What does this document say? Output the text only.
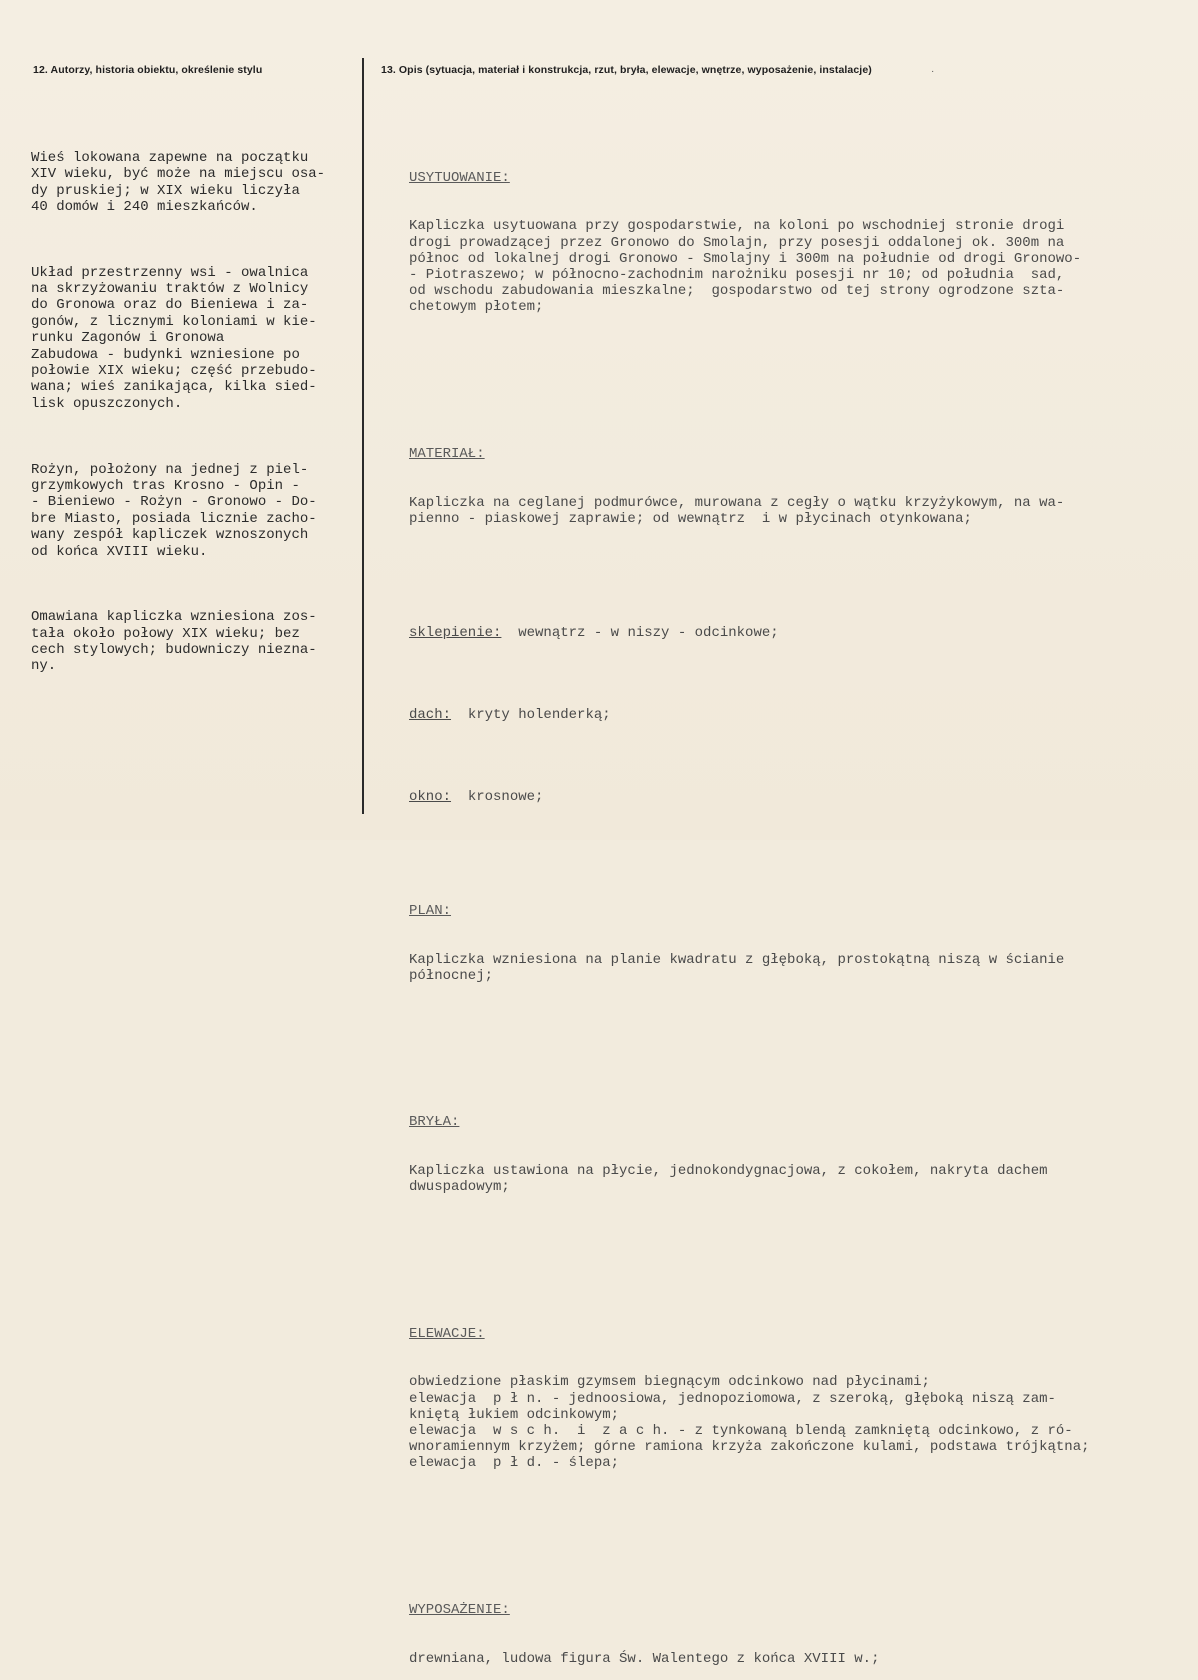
12. Autorzy, historia obiektu, określenie stylu	13. Opis (sytuacja, materiał i konstrukcja, rzut, bryła, elewacje, wnętrze, wyposażenie, instalacje)

Wieś lokowana zapewne na początku
XIV wieku, być może na miejscu osa-
dy pruskiej; w XIX wieku liczyła
40 domów i 240 mieszkańców.

Układ przestrzenny wsi - owalnica
na skrzyżowaniu traktów z Wolnicy
do Gronowa oraz do Bieniewa i za-
gonów, z licznymi koloniami w kie-
runku Zagonów i Gronowa
Zabudowa - budynki wzniesione po
połowie XIX wieku; część przebudo-
wana; wieś zanikająca, kilka sied-
lisk opuszczonych.

Rożyn, położony na jednej z piel-
grzymkowych tras Krosno - Opin -
- Bieniewo - Rożyn - Gronowo - Do-
bre Miasto, posiada licznie zacho-
wany zespół kapliczek wznoszonych
od końca XVIII wieku.

Omawiana kapliczka wzniesiona zos-
tała około połowy XIX wieku; bez
cech stylowych; budowniczy niezna-
ny.

USYTUOWANIE:

Kapliczka usytuowana przy gospodarstwie, na koloni po wschodniej stronie drogi
drogi prowadzącej przez Gronowo do Smolajn, przy posesji oddalonej ok. 300m na
północ od lokalnej drogi Gronowo - Smolajny i 300m na południe od drogi Gronowo-
- Piotraszewo; w północno-zachodnim narożniku posesji nr 10; od południa  sad,
od wschodu zabudowania mieszkalne;  gospodarstwo od tej strony ogrodzone szta-
chetowym płotem;

MATERIAŁ:

Kapliczka na ceglanej podmurówce, murowana z cegły o wątku krzyżykowym, na wa-
pienno - piaskowej zaprawie; od wewnątrz  i w płycinach otynkowana;

sklepienie:  wewnątrz - w niszy - odcinkowe;

dach:  kryty holenderką;

okno:  krosnowe;

PLAN:

Kapliczka wzniesiona na planie kwadratu z głęboką, prostokątną niszą w ścianie
północnej;

BRYŁA:

Kapliczka ustawiona na płycie, jednokondygnacjowa, z cokołem, nakryta dachem
dwuspadowym;

ELEWACJE:

obwiedzione płaskim gzymsem biegnącym odcinkowo nad płycinami;
elewacja  p ł n. - jednoosiowa, jednopoziomowa, z szeroką, głęboką niszą zam-
kniętą łukiem odcinkowym;
elewacja  w s c h.  i  z a c h. - z tynkowaną blendą zamkniętą odcinkowo, z ró-
wnoramiennym krzyżem; górne ramiona krzyża zakończone kulami, podstawa trójkątna;
elewacja  p ł d. - ślepa;

WYPOSAŻENIE:

drewniana, ludowa figura Św. Walentego z końca XVIII w.;

·
